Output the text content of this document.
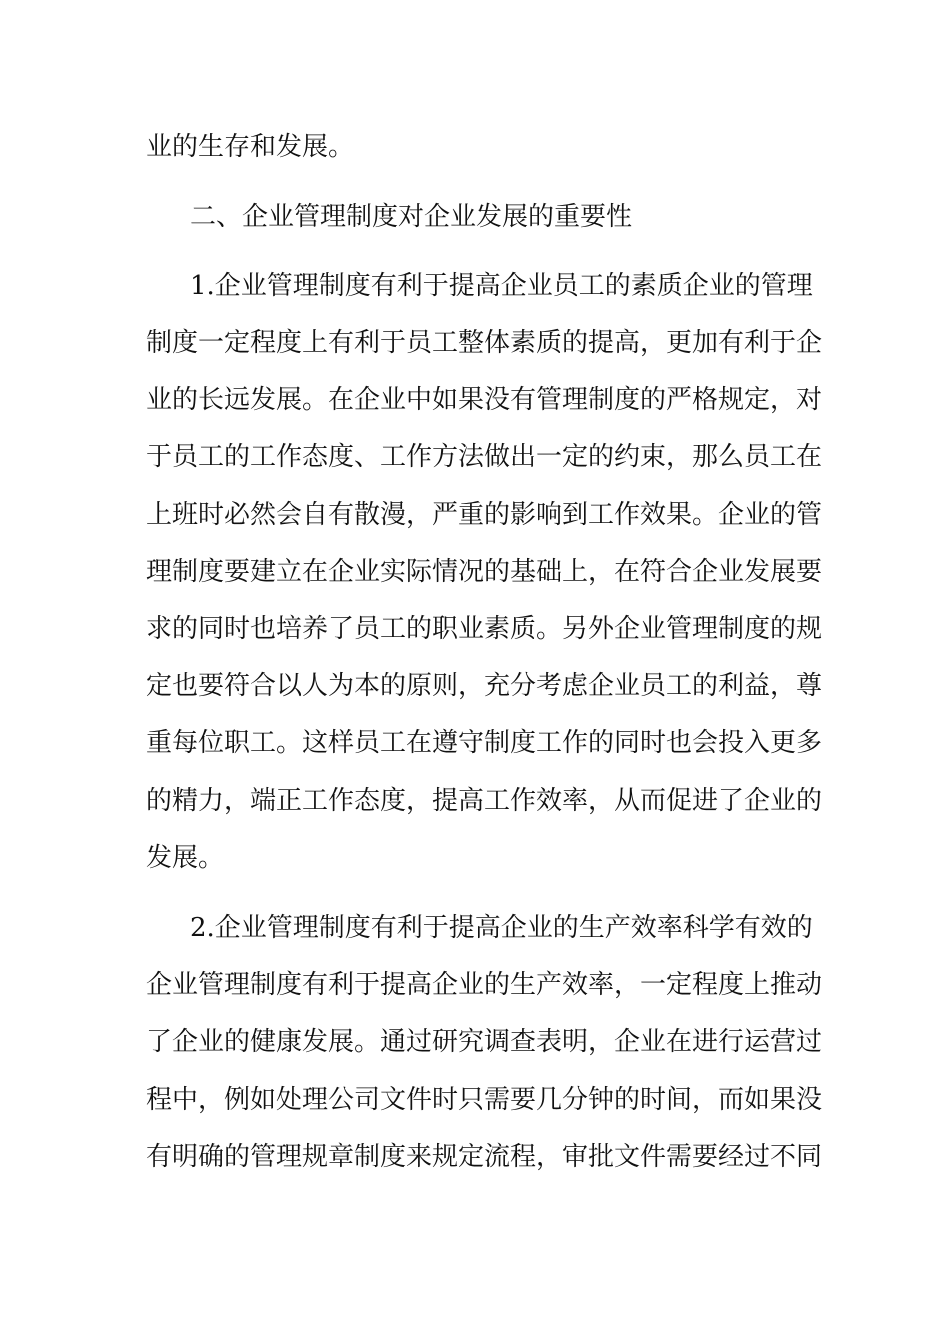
业的生存和发展。
二、企业管理制度对企业发展的重要性
1.企业管理制度有利于提高企业员工的素质企业的管理
制度一定程度上有利于员工整体素质的提高，更加有利于企
业的长远发展。在企业中如果没有管理制度的严格规定，对
于员工的工作态度、工作方法做出一定的约束，那么员工在
上班时必然会自有散漫，严重的影响到工作效果。企业的管
理制度要建立在企业实际情况的基础上，在符合企业发展要
求的同时也培养了员工的职业素质。另外企业管理制度的规
定也要符合以人为本的原则，充分考虑企业员工的利益，尊
重每位职工。这样员工在遵守制度工作的同时也会投入更多
的精力，端正工作态度，提高工作效率，从而促进了企业的
发展。
2.企业管理制度有利于提高企业的生产效率科学有效的
企业管理制度有利于提高企业的生产效率，一定程度上推动
了企业的健康发展。通过研究调查表明，企业在进行运营过
程中，例如处理公司文件时只需要几分钟的时间，而如果没
有明确的管理规章制度来规定流程，审批文件需要经过不同
